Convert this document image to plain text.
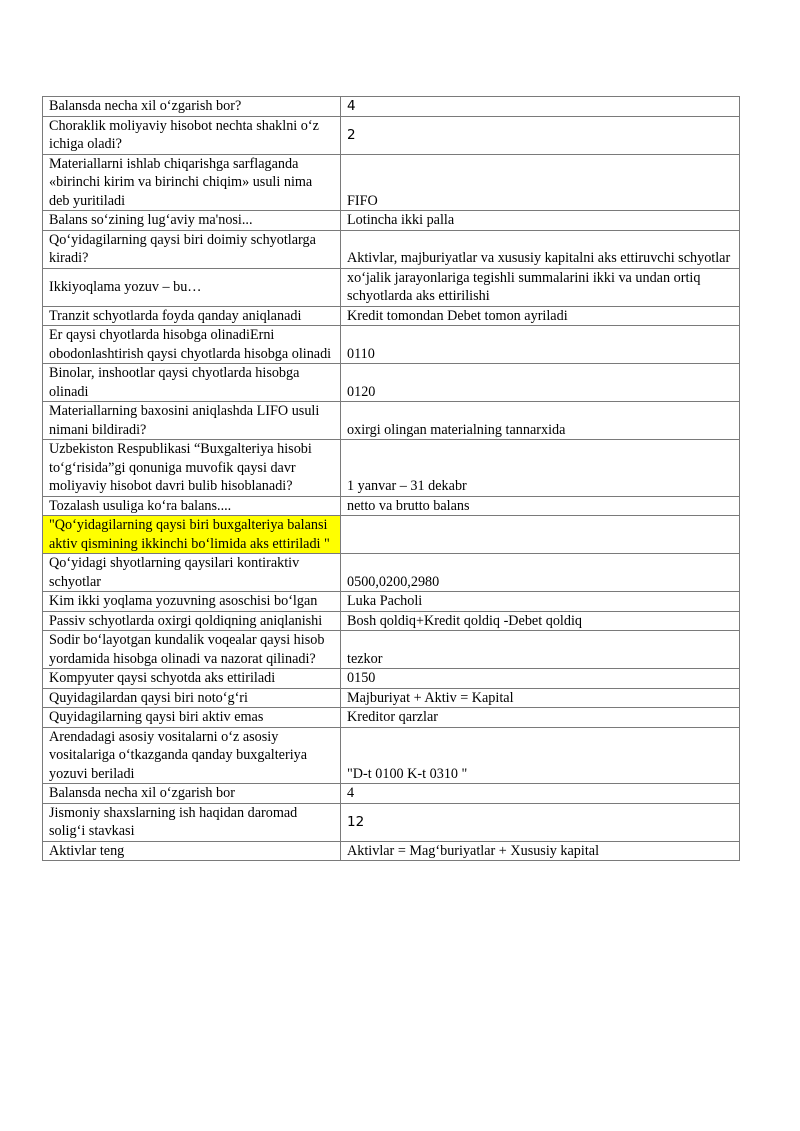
Balansda necha xil o‘zgarish bor?	4
Choraklik moliyaviy hisobot nechta shaklni o‘z ichiga oladi?	2
Materiallarni ishlab chiqarishga sarflaganda «birinchi kirim va birinchi chiqim» usuli nima deb yuritiladi	FIFO
Balans so‘zining lug‘aviy ma'nosi...	Lotincha ikki palla
Qo‘yidagilarning qaysi biri doimiy schyotlarga kiradi?	Aktivlar, majburiyatlar va xususiy kapitalni aks ettiruvchi schyotlar
Ikkiyoqlama yozuv – bu…	xo‘jalik jarayonlariga tegishli summalarini ikki va undan ortiq schyotlarda aks ettirilishi
Tranzit schyotlarda foyda qanday aniqlanadi	Kredit tomondan Debet tomon ayriladi
Er qaysi chyotlarda hisobga olinadiErni obodonlashtirish qaysi chyotlarda hisobga olinadi	0110
Binolar, inshootlar qaysi chyotlarda hisobga olinadi	0120
Materiallarning baxosini aniqlashda LIFO usuli nimani bildiradi?	oxirgi olingan materialning tannarxida
Uzbekiston Respublikasi “Buxgalteriya hisobi to‘g‘risida”gi qonuniga muvofik qaysi davr moliyaviy hisobot davri bulib hisoblanadi?	1 yanvar – 31 dekabr
Tozalash usuliga ko‘ra balans....	netto va brutto balans
"Qo‘yidagilarning qaysi biri buxgalteriya balansi aktiv qismining ikkinchi bo‘limida aks ettiriladi "	
Qo‘yidagi shyotlarning qaysilari kontiraktiv schyotlar	0500,0200,2980
Kim ikki yoqlama yozuvning asoschisi bo‘lgan	Luka Pacholi
Passiv schyotlarda oxirgi qoldiqning aniqlanishi	Bosh qoldiq+Kredit qoldiq -Debet qoldiq
Sodir bo‘layotgan kundalik voqealar qaysi hisob yordamida hisobga olinadi va nazorat qilinadi?	tezkor
Kompyuter qaysi schyotda aks ettiriladi	0150
Quyidagilardan qaysi biri noto‘g‘ri	Majburiyat + Aktiv = Kapital
Quyidagilarning qaysi biri aktiv emas	Kreditor qarzlar
Arendadagi asosiy vositalarni o‘z asosiy vositalariga o‘tkazganda qanday buxgalteriya yozuvi beriladi	"D-t 0100 K-t 0310 "
Balansda necha xil o‘zgarish bor	4
Jismoniy shaxslarning ish haqidan daromad solig‘i stavkasi	12
Aktivlar teng	Aktivlar = Mag‘buriyatlar + Xususiy kapital
